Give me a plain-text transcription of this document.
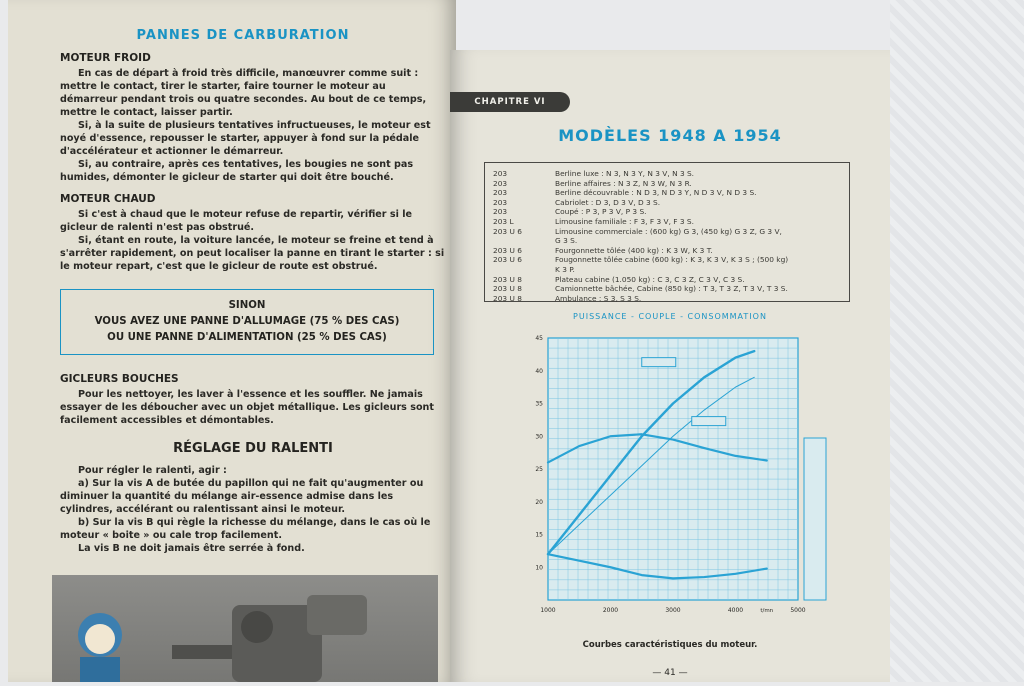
PANNES DE CARBURATION
MOTEUR FROID

En cas de départ à froid très difficile, manœuvrer comme suit : mettre le contact, tirer le starter, faire tourner le moteur au démarreur pendant trois ou quatre secondes. Au bout de ce temps, mettre le contact, laisser partir.

Si, à la suite de plusieurs tentatives infructueuses, le moteur est noyé d'essence, repousser le starter, appuyer à fond sur la pédale d'accélérateur et actionner le démarreur.

Si, au contraire, après ces tentatives, les bougies ne sont pas humides, démonter le gicleur de starter qui doit être bouché.

MOTEUR CHAUD

Si c'est à chaud que le moteur refuse de repartir, vérifier si le gicleur de ralenti n'est pas obstrué.

Si, étant en route, la voiture lancée, le moteur se freine et tend à s'arrêter rapidement, on peut localiser la panne en tirant le starter : si le moteur repart, c'est que le gicleur de route est obstrué.

SINON
VOUS AVEZ UNE PANNE D'ALLUMAGE (75 % DES CAS)
OU UNE PANNE D'ALIMENTATION (25 % DES CAS)
GICLEURS BOUCHES

Pour les nettoyer, les laver à l'essence et les souffler. Ne jamais essayer de les déboucher avec un objet métallique. Les gicleurs sont facilement accessibles et démontables.

RÉGLAGE DU RALENTI

Pour régler le ralenti, agir :

a) Sur la vis A de butée du papillon qui ne fait qu'augmenter ou diminuer la quantité du mélange air-essence admise dans les cylindres, accélérant ou ralentissant ainsi le moteur.

b) Sur la vis B qui règle la richesse du mélange, dans le cas où le moteur « boite » ou cale trop facilement.

La vis B ne doit jamais être serrée à fond.

CHAPITRE VI
MODÈLES 1948 A 1954
203	Berline luxe : N 3, N 3 Y, N 3 V, N 3 S.
203	Berline affaires : N 3 Z, N 3 W, N 3 R.
203	Berline découvrable : N D 3, N D 3 Y, N D 3 V, N D 3 S.
203	Cabriolet : D 3, D 3 V, D 3 S.
203	Coupé : P 3, P 3 V, P 3 S.
203 L	Limousine familiale : F 3, F 3 V, F 3 S.
203 U 6	Limousine commerciale : (600 kg) G 3, (450 kg) G 3 Z, G 3 V,
G 3 S.
203 U 6	Fourgonnette tôlée (400 kg) : K 3 W, K 3 T.
203 U 6	Fougonnette tôlée cabine (600 kg) : K 3, K 3 V, K 3 S ; (500 kg)
K 3 P.
203 U 8	Plateau cabine (1.050 kg) : C 3, C 3 Z, C 3 V, C 3 S.
203 U 8	Camionnette bâchée, Cabine (850 kg) : T 3, T 3 Z, T 3 V, T 3 S.
203 U 8	Ambulance : S 3, S 3 S.
PUISSANCE - COUPLE - CONSOMMATION
1000	2000	3000	4000	5000
t/mn
10
15
20
25
30
35
40
45
Courbes caractéristiques du moteur.
— 41 —
